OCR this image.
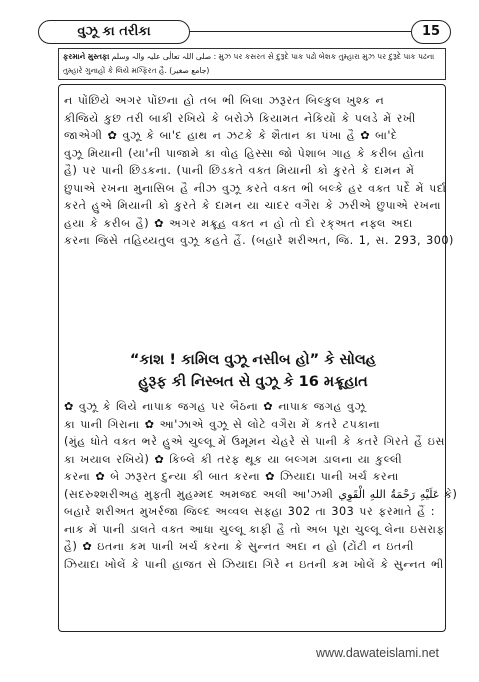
વુઝૂ કા તરીકા	15
ફરમાને મુસ્તફા صلی اللہ تعالٰی علیہ والہ وسلم : મુઝ પર કસરત સે દુરૂદે પાક પઢો બેશક તુમ્હારા મુઝ પર દુરૂદે પાક પઢના
તુમ્હારે ગુનાહોં કે લિયે મગ્ફિરત હૈ. (جامع صغیر)
ન પોંછિયે અગર પોંછના હો તબ ભી બિલા ઝરૂરત બિલ્કુલ ખુશ્ક ન
કીજિયે કુછ તરી બાકી રખિયે કે બરોઝે કિયામત નેકિયોં કે પલડે મેં રખી
જાએગી ✿ વુઝૂ કે બા'દ હાથ ન ઝટકે કે શૈતાન કા પંખા હૈ ✿ બા'દે
વુઝૂ મિયાની (યા'ની પાજામે કા વોહ હિસ્સા જો પેશાબ ગાહ કે કરીબ હોતા
હૈ) પર પાની છિડકના. (પાની છિડકતે વક્ત મિયાની કો કુરતે કે દામન મેં
છુપાએ રખના મુનાસિબ હૈ નીઝ વુઝૂ કરતે વક્ત ભી બલ્કે હર વક્ત પર્દે મેં પર્દા
કરતે હુએ મિયાની કો કુરતે કે દામન યા ચાદર વગૈરા કે ઝરીએ છુપાએ રખના
હયા કે કરીબ હૈ) ✿ અગર મક્રૂહ વક્ત ન હો તો દો રક્અત નફ્લ અદા
કરના જિસે તહિય્યતુલ વુઝૂ કહતે હૈં. (બહારે શરીઅત, જિ. 1, સ. 293, 300)
“કાશ ! કામિલ વુઝૂ નસીબ હો” કે સોલહ
હુરૂફ કી નિસ્બત સે વુઝૂ કે 16 મક્રૂહાત
✿ વુઝૂ કે લિયે નાપાક જગહ પર બૈઠના ✿ નાપાક જગહ વુઝૂ
કા પાની ગિરાના ✿ આ'ઝાએ વુઝૂ સે લોટે વગૈરા મેં કતરે ટપકાના
(મુંહ ધોતે વક્ત ભરે હુએ ચુલ્લૂ મેં ઉમૂમન ચેહરે સે પાની કે કતરે ગિરતે હૈં ઇસ
કા ખયાલ રખિયે) ✿ કિબ્લે કી તરફ થૂક યા બલ્ગમ ડાલના યા કુલ્લી
કરના ✿ બે ઝરૂરત દુન્યા કી બાત કરના ✿ ઝિયાદા પાની ખર્ચ કરના
(સદરુશ્શરીઅહ મુફ્તી મુહમ્મદ અમજદ અલી આ'ઝમી عَلَيْهِ رَحْمَةُ اللهِ الْقَوِي કે)
બહારે શરીઅત મુખર્રજા જિલ્દ અવ્વલ સફ્હા 302 તા 303 પર ફરમાતે હૈં :
નાક મેં પાની ડાલતે વક્ત આધા ચુલ્લૂ કાફી હૈ તો અબ પૂરા ચુલ્લૂ લેના ઇસરાફ
હૈ) ✿ ઇતના કમ પાની ખર્ચ કરના કે સુન્નત અદા ન હો (ટોંટી ન ઇતની
ઝિયાદા ખોલેં કે પાની હાજત સે ઝિયાદા ગિરે ન ઇતની કમ ખોલેં કે સુન્નત ભી
www.dawateislami.net
